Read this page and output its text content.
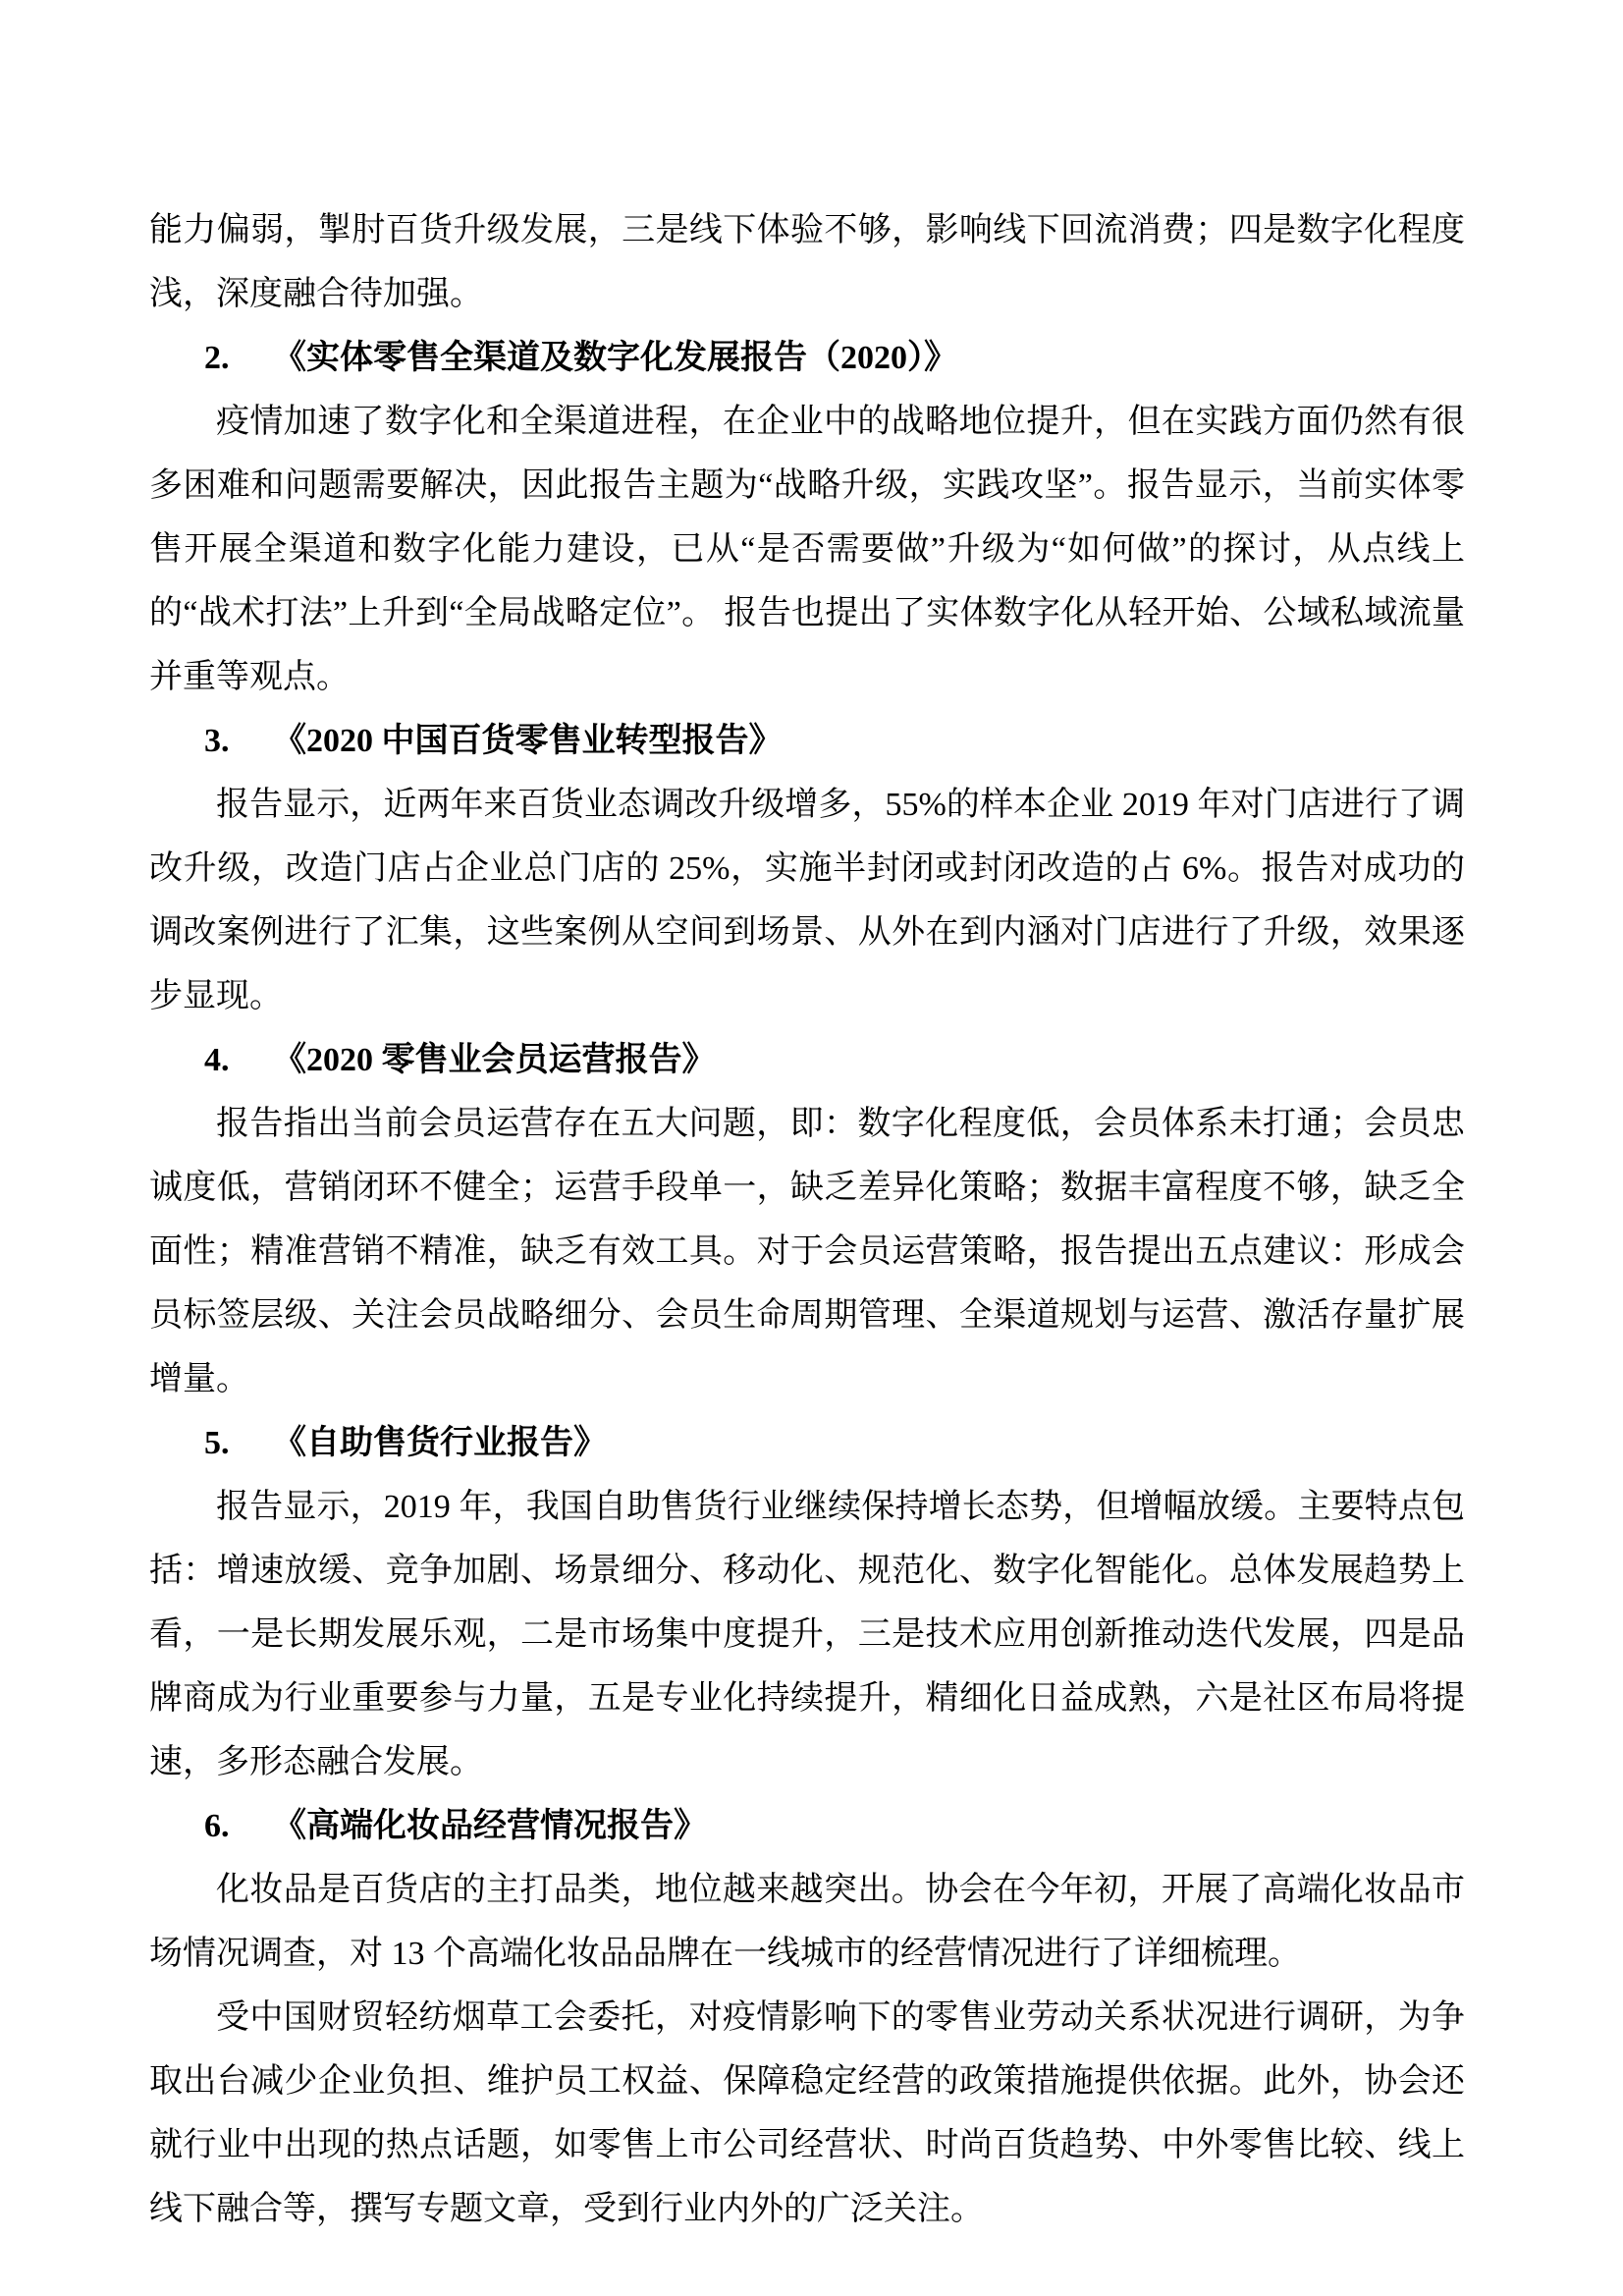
能力偏弱，掣肘百货升级发展，三是线下体验不够，影响线下回流消费；四是数字化程度浅，深度融合待加强。

2. 《实体零售全渠道及数字化发展报告（2020）》

疫情加速了数字化和全渠道进程，在企业中的战略地位提升，但在实践方面仍然有很多困难和问题需要解决，因此报告主题为“战略升级，实践攻坚”。报告显示，当前实体零售开展全渠道和数字化能力建设，已从“是否需要做”升级为“如何做”的探讨，从点线上的“战术打法”上升到“全局战略定位”。 报告也提出了实体数字化从轻开始、公域私域流量并重等观点。

3. 《2020 中国百货零售业转型报告》

报告显示，近两年来百货业态调改升级增多，55%的样本企业 2019 年对门店进行了调改升级，改造门店占企业总门店的 25%，实施半封闭或封闭改造的占 6%。报告对成功的调改案例进行了汇集，这些案例从空间到场景、从外在到内涵对门店进行了升级，效果逐步显现。

4. 《2020 零售业会员运营报告》

报告指出当前会员运营存在五大问题，即：数字化程度低，会员体系未打通；会员忠诚度低，营销闭环不健全；运营手段单一，缺乏差异化策略；数据丰富程度不够，缺乏全面性；精准营销不精准，缺乏有效工具。对于会员运营策略，报告提出五点建议：形成会员标签层级、关注会员战略细分、会员生命周期管理、全渠道规划与运营、激活存量扩展增量。

5. 《自助售货行业报告》

报告显示，2019 年，我国自助售货行业继续保持增长态势，但增幅放缓。主要特点包括：增速放缓、竞争加剧、场景细分、移动化、规范化、数字化智能化。总体发展趋势上看，一是长期发展乐观，二是市场集中度提升，三是技术应用创新推动迭代发展，四是品牌商成为行业重要参与力量，五是专业化持续提升，精细化日益成熟，六是社区布局将提速，多形态融合发展。

6. 《高端化妆品经营情况报告》

化妆品是百货店的主打品类，地位越来越突出。协会在今年初，开展了高端化妆品市场情况调查，对 13 个高端化妆品品牌在一线城市的经营情况进行了详细梳理。

受中国财贸轻纺烟草工会委托，对疫情影响下的零售业劳动关系状况进行调研，为争取出台减少企业负担、维护员工权益、保障稳定经营的政策措施提供依据。此外，协会还就行业中出现的热点话题，如零售上市公司经营状、时尚百货趋势、中外零售比较、线上线下融合等，撰写专题文章，受到行业内外的广泛关注。
